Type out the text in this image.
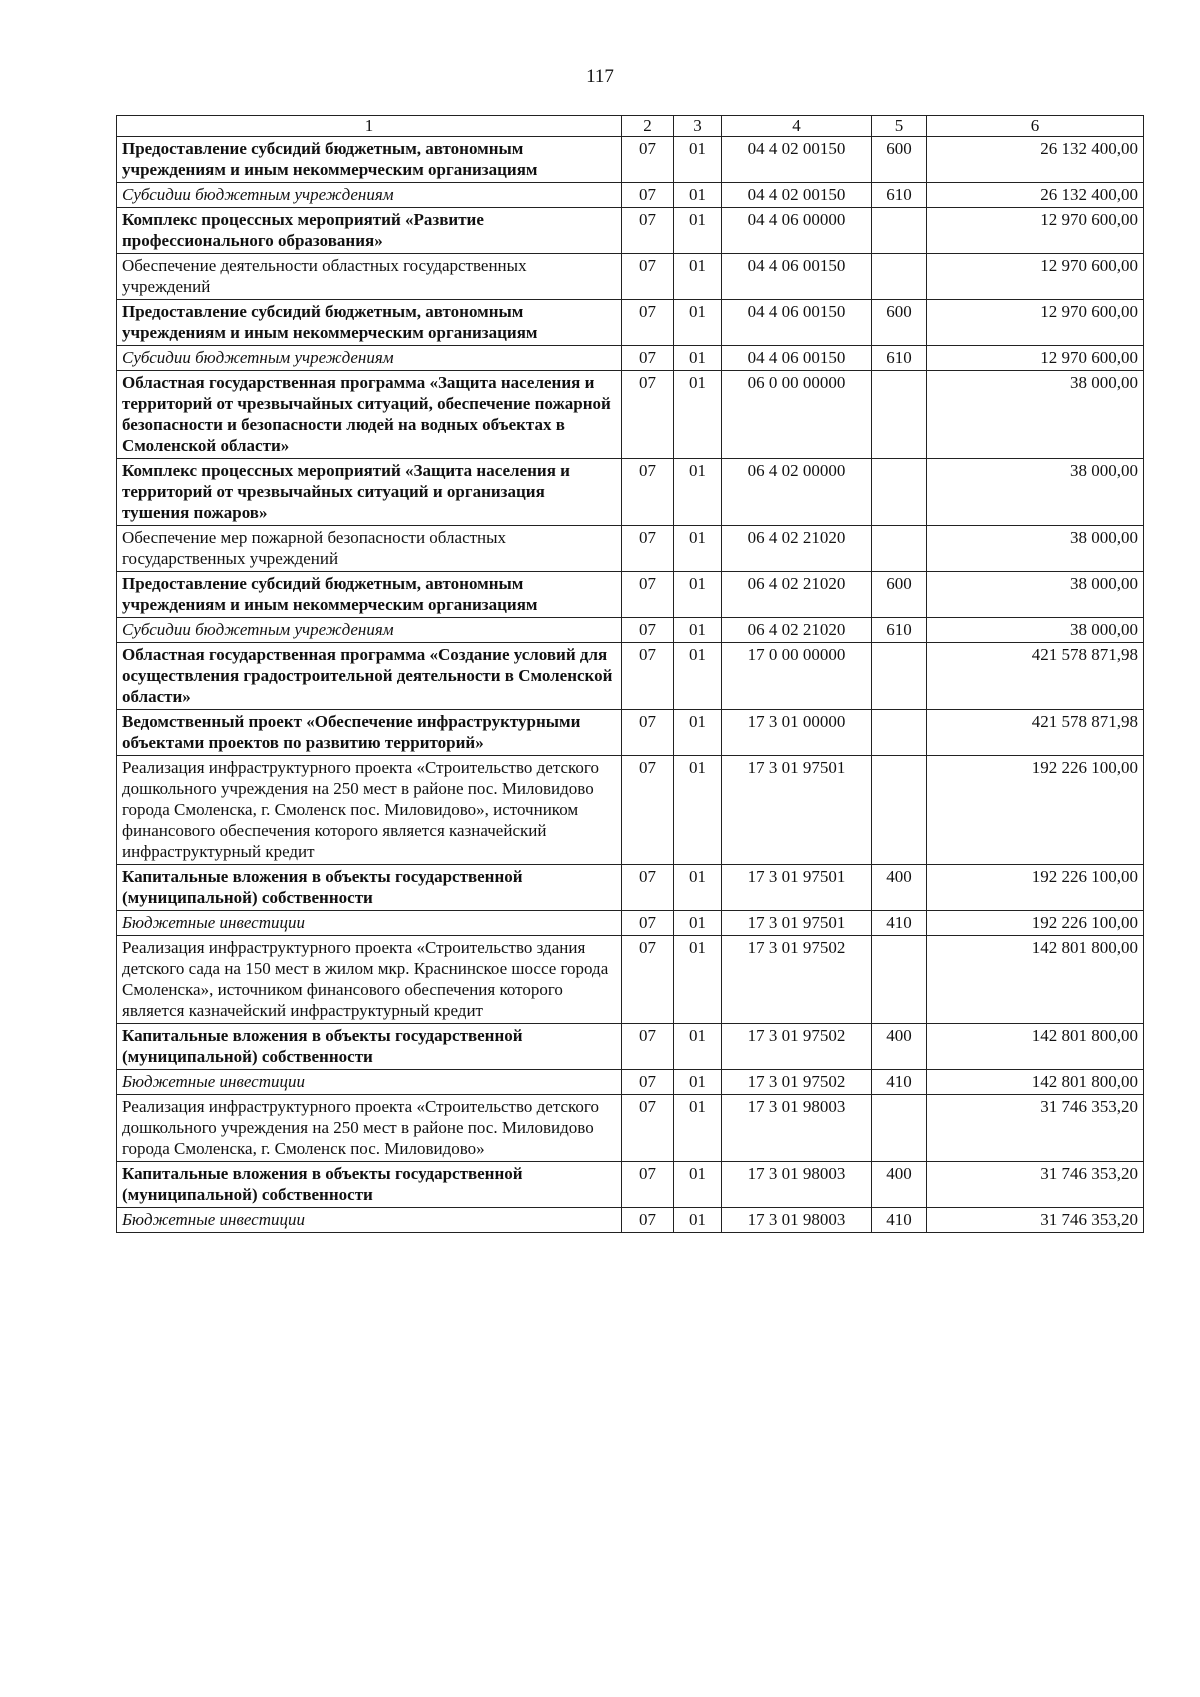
117
1	2	3	4	5	6
Предоставление субсидий бюджетным, автономным учреждениям и иным некоммерческим организациям	07	01	04 4 02 00150	600	26 132 400,00
Субсидии бюджетным учреждениям	07	01	04 4 02 00150	610	26 132 400,00
Комплекс процессных мероприятий «Развитие профессионального образования»	07	01	04 4 06 00000		12 970 600,00
Обеспечение деятельности областных государственных учреждений	07	01	04 4 06 00150		12 970 600,00
Предоставление субсидий бюджетным, автономным учреждениям и иным некоммерческим организациям	07	01	04 4 06 00150	600	12 970 600,00
Субсидии бюджетным учреждениям	07	01	04 4 06 00150	610	12 970 600,00
Областная государственная программа «Защита населения и территорий от чрезвычайных ситуаций, обеспечение пожарной безопасности и безопасности людей на водных объектах в Смоленской области»	07	01	06 0 00 00000		38 000,00
Комплекс процессных мероприятий «Защита населения и территорий от чрезвычайных ситуаций и организация тушения пожаров»	07	01	06 4 02 00000		38 000,00
Обеспечение мер пожарной безопасности областных государственных учреждений	07	01	06 4 02 21020		38 000,00
Предоставление субсидий бюджетным, автономным учреждениям и иным некоммерческим организациям	07	01	06 4 02 21020	600	38 000,00
Субсидии бюджетным учреждениям	07	01	06 4 02 21020	610	38 000,00
Областная государственная программа «Создание условий для осуществления градостроительной деятельности в Смоленской области»	07	01	17 0 00 00000		421 578 871,98
Ведомственный проект «Обеспечение инфраструктурными объектами проектов по развитию территорий»	07	01	17 3 01 00000		421 578 871,98
Реализация инфраструктурного проекта «Строительство детского дошкольного учреждения на 250 мест в районе пос. Миловидово города Смоленска, г. Смоленск пос. Миловидово», источником финансового обеспечения которого является казначейский инфраструктурный кредит	07	01	17 3 01 97501		192 226 100,00
Капитальные вложения в объекты государственной (муниципальной) собственности	07	01	17 3 01 97501	400	192 226 100,00
Бюджетные инвестиции	07	01	17 3 01 97501	410	192 226 100,00
Реализация инфраструктурного проекта «Строительство здания детского сада на 150 мест в жилом мкр. Краснинское шоссе города Смоленска», источником финансового обеспечения которого является казначейский инфраструктурный кредит	07	01	17 3 01 97502		142 801 800,00
Капитальные вложения в объекты государственной (муниципальной) собственности	07	01	17 3 01 97502	400	142 801 800,00
Бюджетные инвестиции	07	01	17 3 01 97502	410	142 801 800,00
Реализация инфраструктурного проекта «Строительство детского дошкольного учреждения на 250 мест в районе пос. Миловидово города Смоленска, г. Смоленск пос. Миловидово»	07	01	17 3 01 98003		31 746 353,20
Капитальные вложения в объекты государственной (муниципальной) собственности	07	01	17 3 01 98003	400	31 746 353,20
Бюджетные инвестиции	07	01	17 3 01 98003	410	31 746 353,20
